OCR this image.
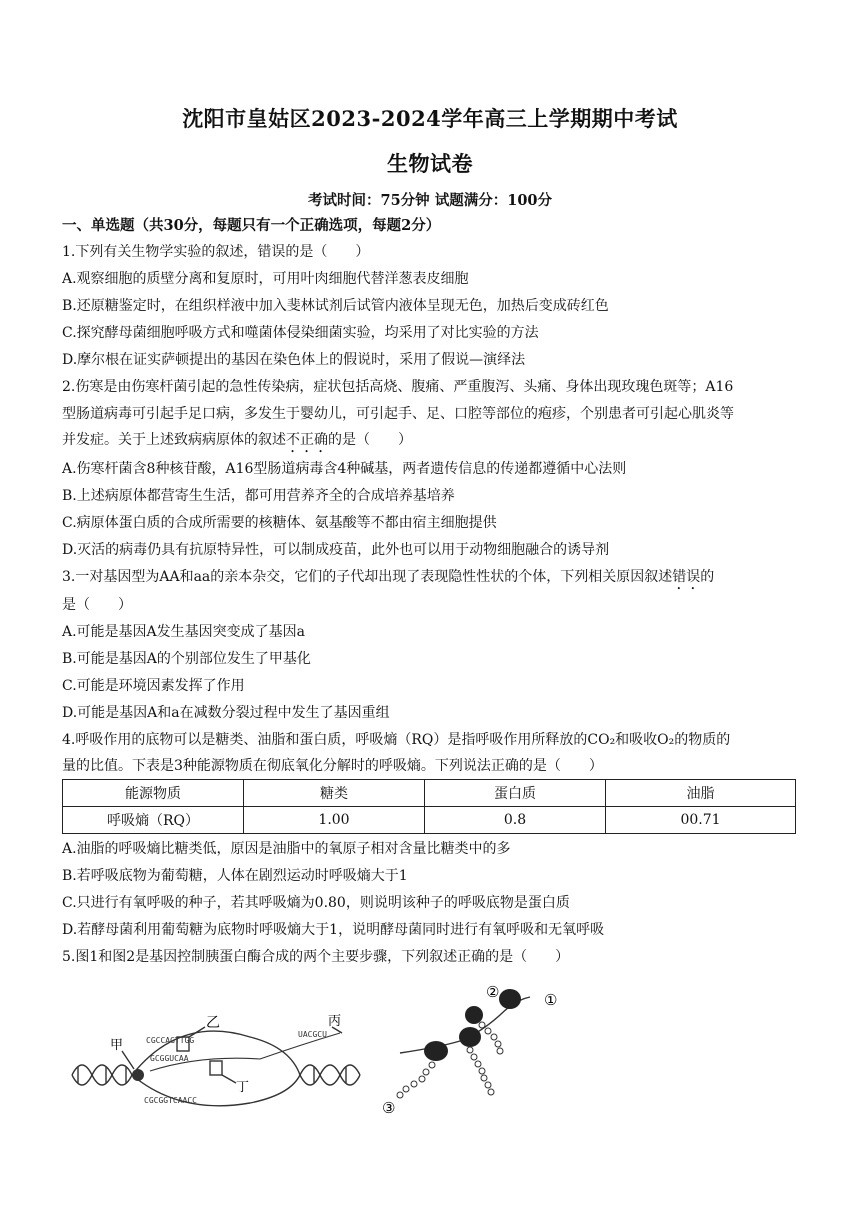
沈阳市皇姑区2023-2024学年高三上学期期中考试
生物试卷
考试时间：75分钟 试题满分：100分
一、单选题（共30分，每题只有一个正确选项，每题2分）
1.下列有关生物学实验的叙述，错误的是（　　）
A.观察细胞的质壁分离和复原时，可用叶肉细胞代替洋葱表皮细胞
B.还原糖鉴定时，在组织样液中加入斐林试剂后试管内液体呈现无色，加热后变成砖红色
C.探究酵母菌细胞呼吸方式和噬菌体侵染细菌实验，均采用了对比实验的方法
D.摩尔根在证实萨顿提出的基因在染色体上的假说时，采用了假说—演绎法
2.伤寒是由伤寒杆菌引起的急性传染病，症状包括高烧、腹痛、严重腹泻、头痛、身体出现玫瑰色斑等；A16
型肠道病毒可引起手足口病，多发生于婴幼儿，可引起手、足、口腔等部位的疱疹，个别患者可引起心肌炎等
并发症。关于上述致病病原体的叙述不正确的是（　　）
A.伤寒杆菌含8种核苷酸，A16型肠道病毒含4种碱基，两者遗传信息的传递都遵循中心法则
B.上述病原体都营寄生生活，都可用营养齐全的合成培养基培养
C.病原体蛋白质的合成所需要的核糖体、氨基酸等不都由宿主细胞提供
D.灭活的病毒仍具有抗原特异性，可以制成疫苗，此外也可以用于动物细胞融合的诱导剂
3.一对基因型为AA和aa的亲本杂交，它们的子代却出现了表现隐性性状的个体，下列相关原因叙述错误的
是（　　）
A.可能是基因A发生基因突变成了基因a
B.可能是基因A的个别部位发生了甲基化
C.可能是环境因素发挥了作用
D.可能是基因A和a在减数分裂过程中发生了基因重组
4.呼吸作用的底物可以是糖类、油脂和蛋白质，呼吸熵（RQ）是指呼吸作用所释放的CO₂和吸收O₂的物质的
量的比值。下表是3种能源物质在彻底氧化分解时的呼吸熵。下列说法正确的是（　　）
能源物质	糖类	蛋白质	油脂
呼吸熵（RQ）	1.00	0.8	00.71
A.油脂的呼吸熵比糖类低，原因是油脂中的氧原子相对含量比糖类中的多
B.若呼吸底物为葡萄糖，人体在剧烈运动时呼吸熵大于1
C.只进行有氧呼吸的种子，若其呼吸熵为0.80，则说明该种子的呼吸底物是蛋白质
D.若酵母菌利用葡萄糖为底物时呼吸熵大于1，说明酵母菌同时进行有氧呼吸和无氧呼吸
5.图1和图2是基因控制胰蛋白酶合成的两个主要步骤，下列叙述正确的是（　　）
甲
乙	丙
丁
CGCCAGTTGG
GCGGUCAA
UACGCU
CGCGGTCAACC
①
②
③
